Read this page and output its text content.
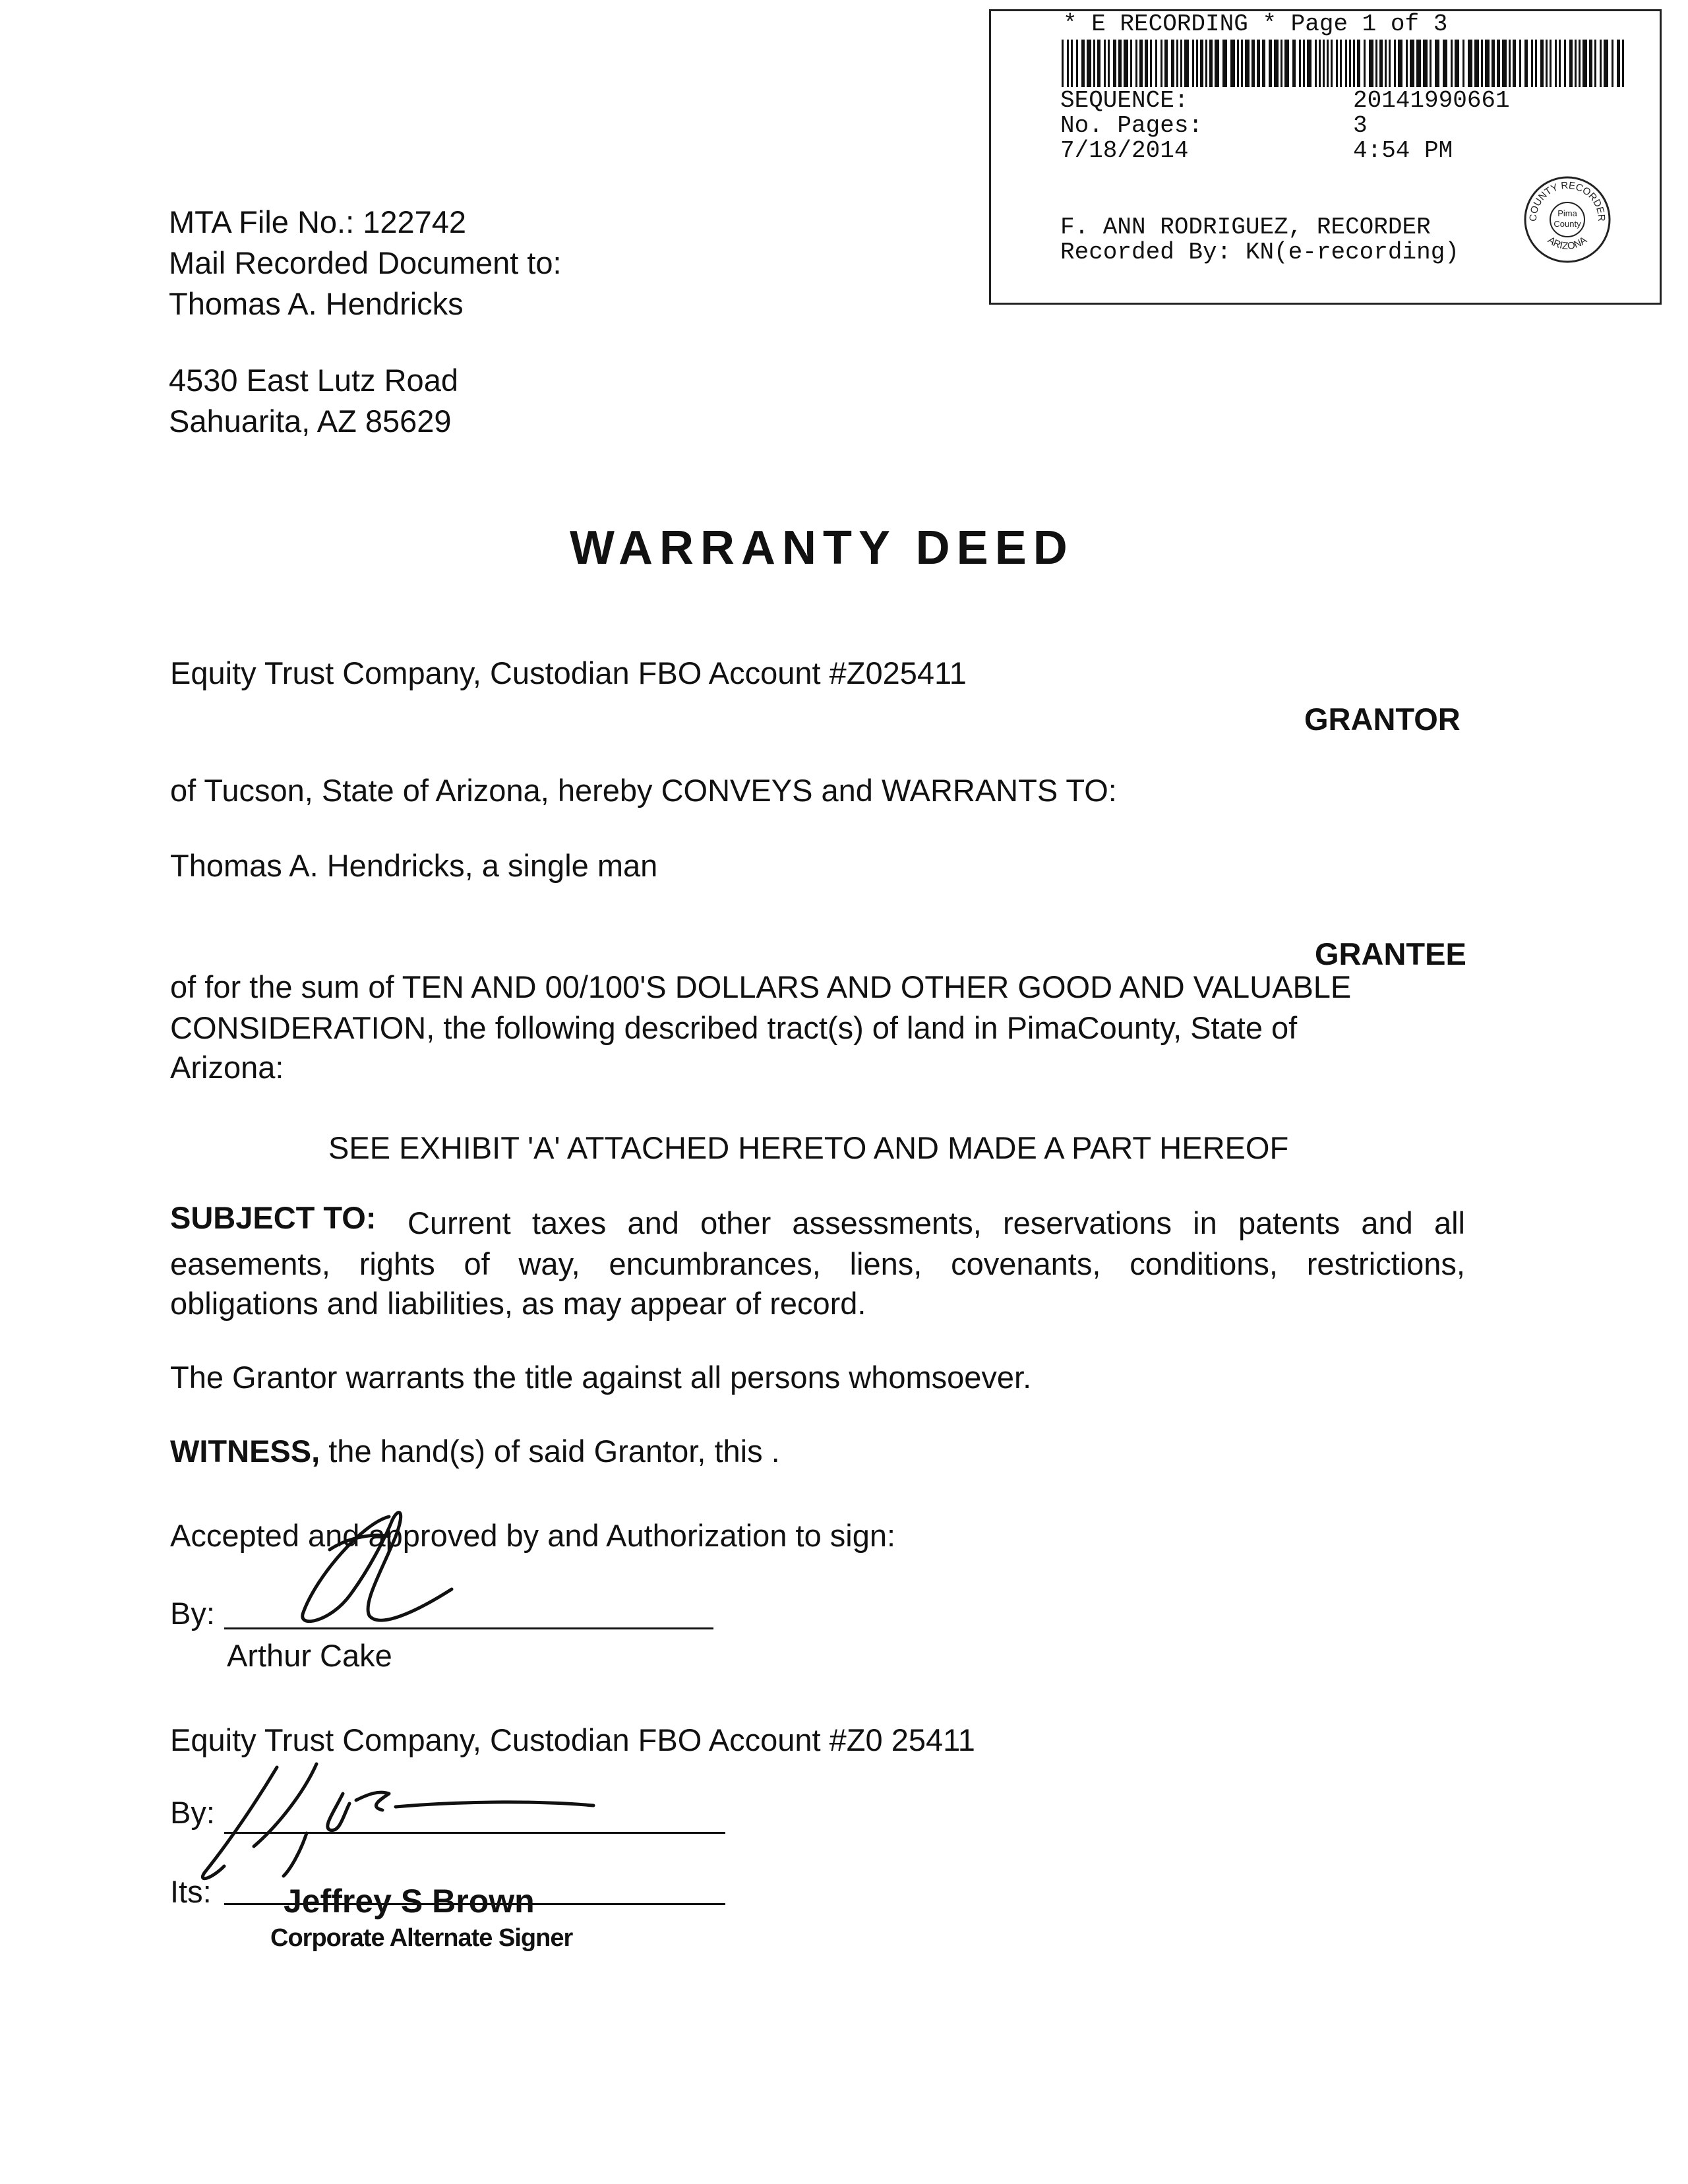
* E RECORDING * Page 1 of 3
SEQUENCE:	20141990661
No. Pages:	3
7/18/2014	4:54 PM
F. ANN RODRIGUEZ, RECORDER
Recorded By: KN(e-recording)
Pima
County
COUNTY RECORDER
ARIZONA
MTA File No.: 122742
Mail Recorded Document to:
Thomas A. Hendricks
4530 East Lutz Road
Sahuarita, AZ 85629
WARRANTY DEED
Equity Trust Company, Custodian FBO Account #Z025411
GRANTOR
of Tucson, State of Arizona, hereby CONVEYS and WARRANTS TO:
Thomas A. Hendricks, a single man
GRANTEE
of for the sum of TEN AND 00/100'S DOLLARS AND OTHER GOOD AND VALUABLE
CONSIDERATION, the following described tract(s) of land in PimaCounty, State of
Arizona:
SEE EXHIBIT 'A' ATTACHED HERETO AND MADE A PART HEREOF
SUBJECT TO: Current taxes and other assessments, reservations in patents and all
easements, rights of way, encumbrances, liens, covenants, conditions, restrictions,
obligations and liabilities, as may appear of record.
The Grantor warrants the title against all persons whomsoever.
WITNESS, the hand(s) of said Grantor, this .
Accepted and approved by and Authorization to sign:
By:
Arthur Cake
Equity Trust Company, Custodian FBO Account #Z0 25411
By:
Its: Jeffrey S Brown
Corporate Alternate Signer
